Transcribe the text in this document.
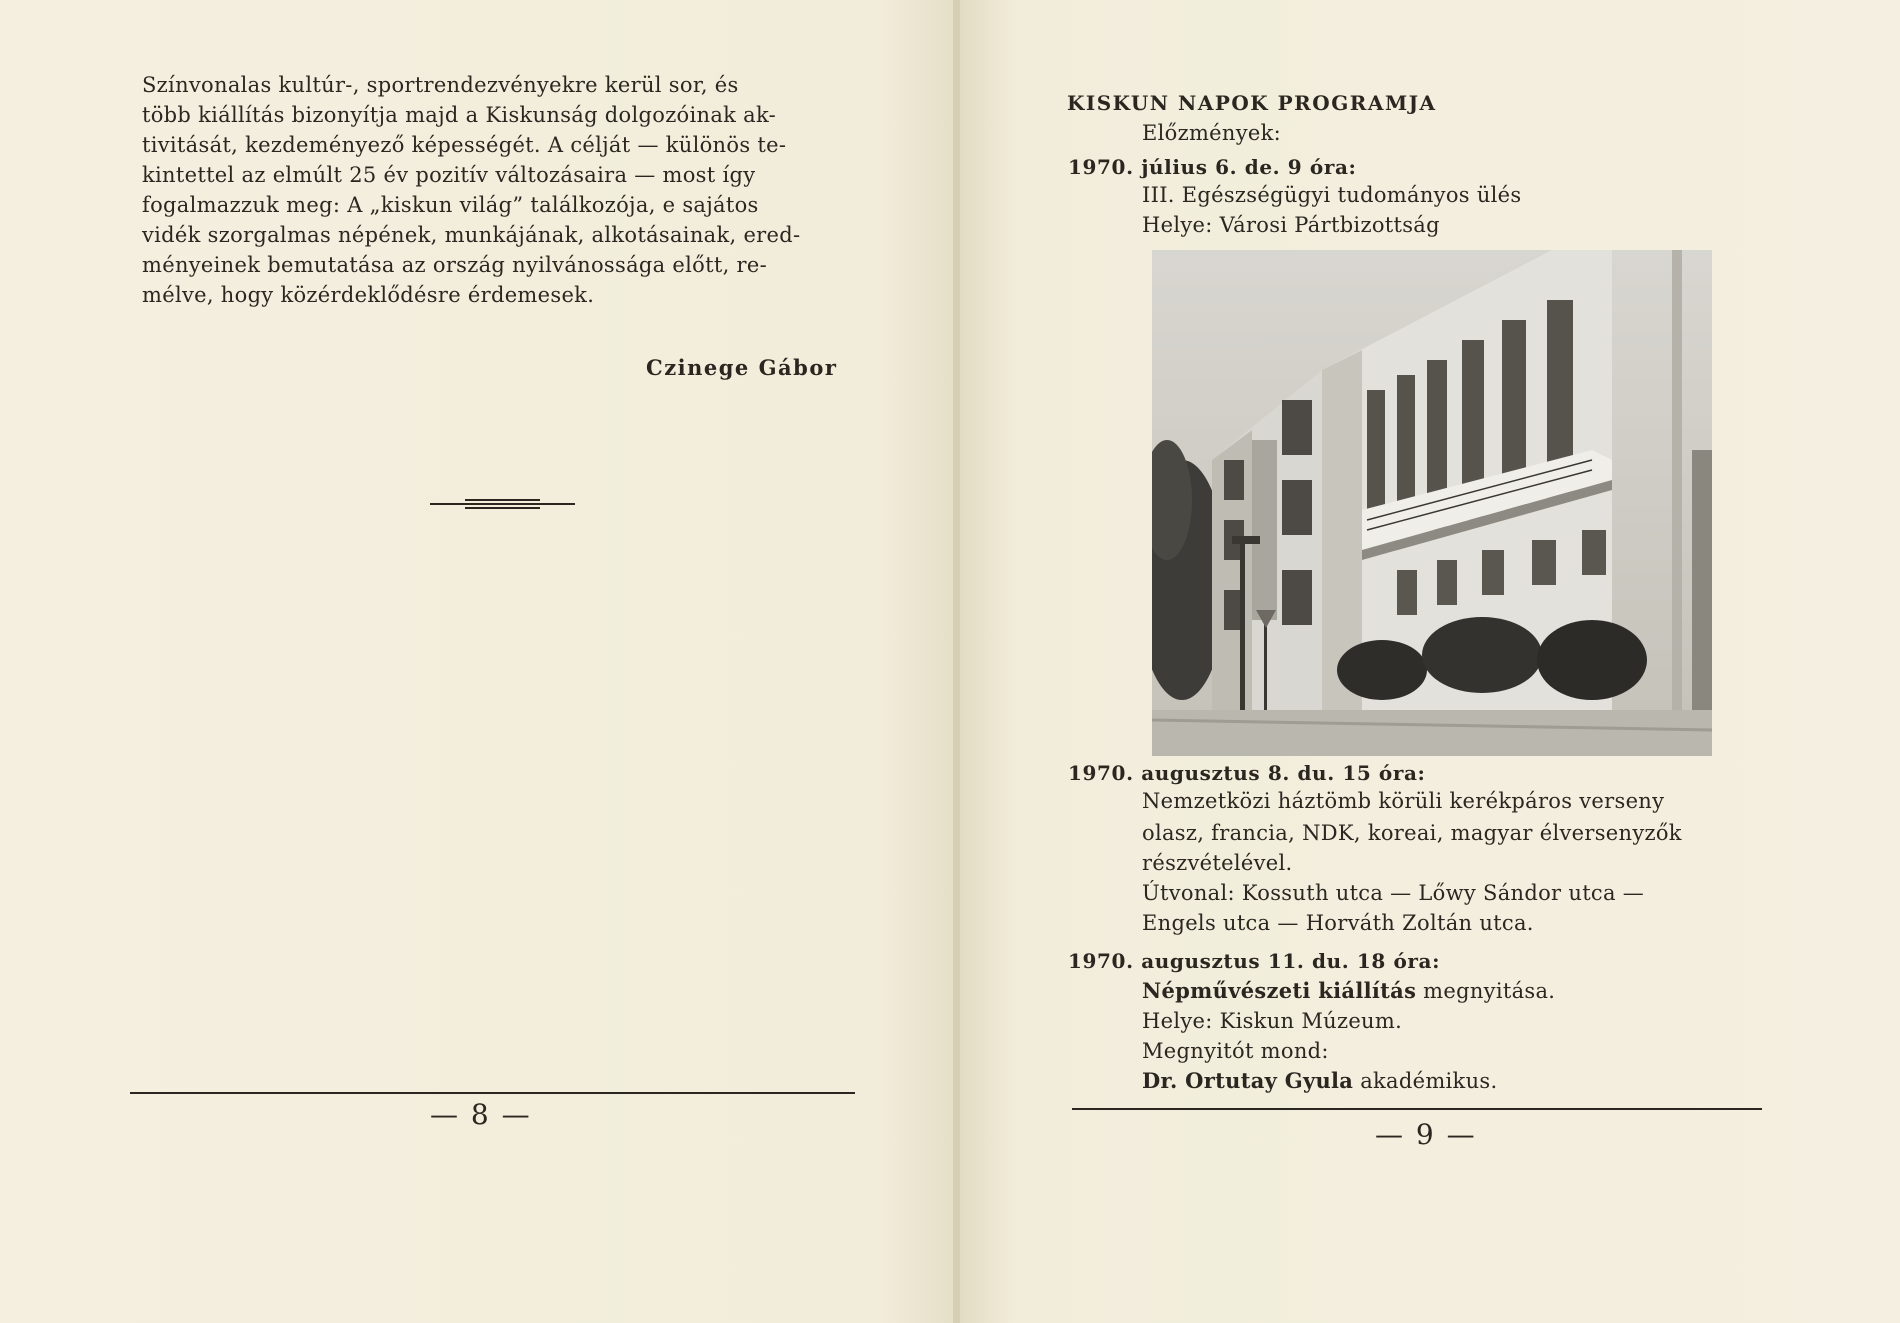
Színvonalas kultúr-, sportrendezvényekre kerül sor, és

több kiállítás bizonyítja majd a Kiskunság dolgozóinak ak-

tivitását, kezdeményező képességét. A célját — különös te-

kintettel az elmúlt 25 év pozitív változásaira — most így

fogalmazzuk meg: A „kiskun világ” találkozója, e sajátos

vidék szorgalmas népének, munkájának, alkotásainak, ered-

ményeinek bemutatása az ország nyilvánossága előtt, re-

mélve, hogy közérdeklődésre érdemesek.

Czinege Gábor
— 8 —
KISKUN NAPOK PROGRAMJA
Előzmények:
1970. július 6. de. 9 óra:
III. Egészségügyi tudományos ülés
Helye: Városi Pártbizottság
1970. augusztus 8. du. 15 óra:
Nemzetközi háztömb körüli kerékpáros verseny
olasz, francia, NDK, koreai, magyar élversenyzők
részvételével.
Útvonal: Kossuth utca — Lőwy Sándor utca —
Engels utca — Horváth Zoltán utca.
1970. augusztus 11. du. 18 óra:
Népművészeti kiállítás megnyitása.
Helye: Kiskun Múzeum.
Megnyitót mond:
Dr. Ortutay Gyula akadémikus.
— 9 —
